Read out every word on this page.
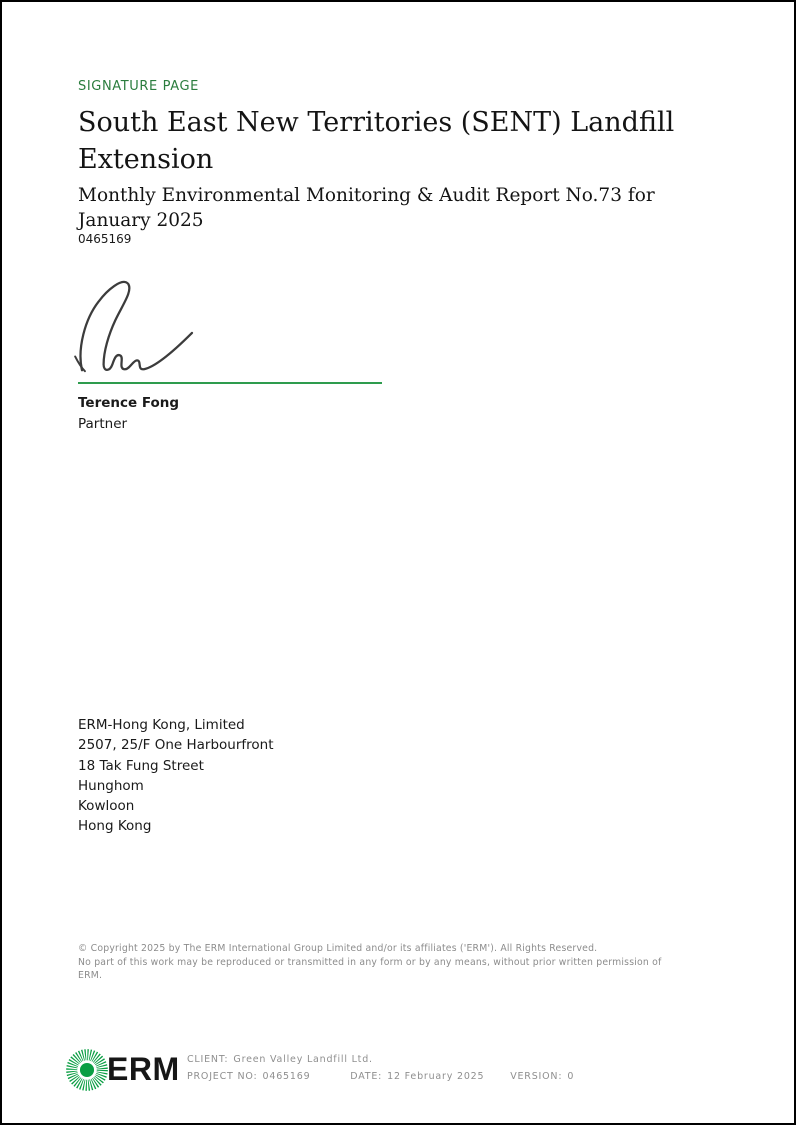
SIGNATURE PAGE
South East New Territories (SENT) Landfill Extension
Monthly Environmental Monitoring & Audit Report No.73 for January 2025
0465169
Terence Fong
Partner
ERM-Hong Kong, Limited
2507, 25/F One Harbourfront
18 Tak Fung Street
Hunghom
Kowloon
Hong Kong
© Copyright 2025 by The ERM International Group Limited and/or its affiliates ('ERM'). All Rights Reserved.
No part of this work may be reproduced or transmitted in any form or by any means, without prior written permission of ERM.
ERM CLIENT: Green Valley Landfill Ltd.
PROJECT NO: 0465169	DATE: 12 February 2025	VERSION: 0
